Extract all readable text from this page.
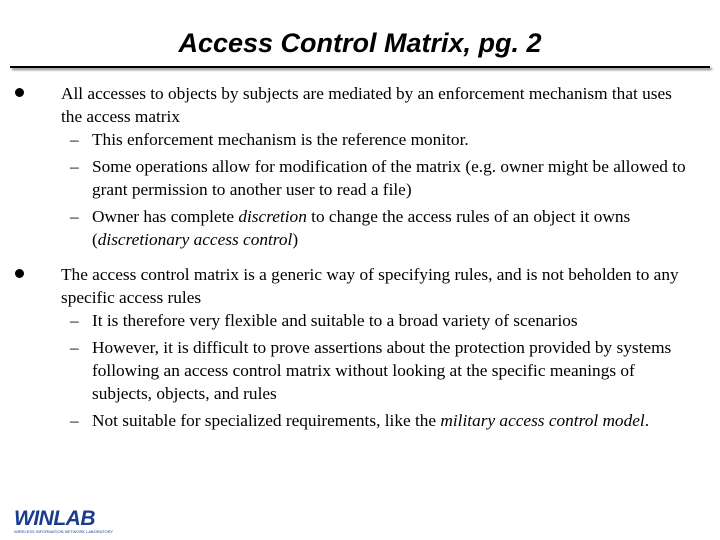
Access Control Matrix, pg. 2
All accesses to objects by subjects are mediated by an enforcement mechanism that uses the access matrix
– This enforcement mechanism is the reference monitor.
– Some operations allow for modification of the matrix (e.g. owner might be allowed to grant permission to another user to read a file)
– Owner has complete discretion to change the access rules of an object it owns (discretionary access control)
The access control matrix is a generic way of specifying rules, and is not beholden to any specific access rules
– It is therefore very flexible and suitable to a broad variety of scenarios
– However, it is difficult to prove assertions about the protection provided by systems following an access control matrix without looking at the specific meanings of subjects, objects, and rules
– Not suitable for specialized requirements, like the military access control model.
WINLAB
WIRELESS INFORMATION NETWORK LABORATORY
